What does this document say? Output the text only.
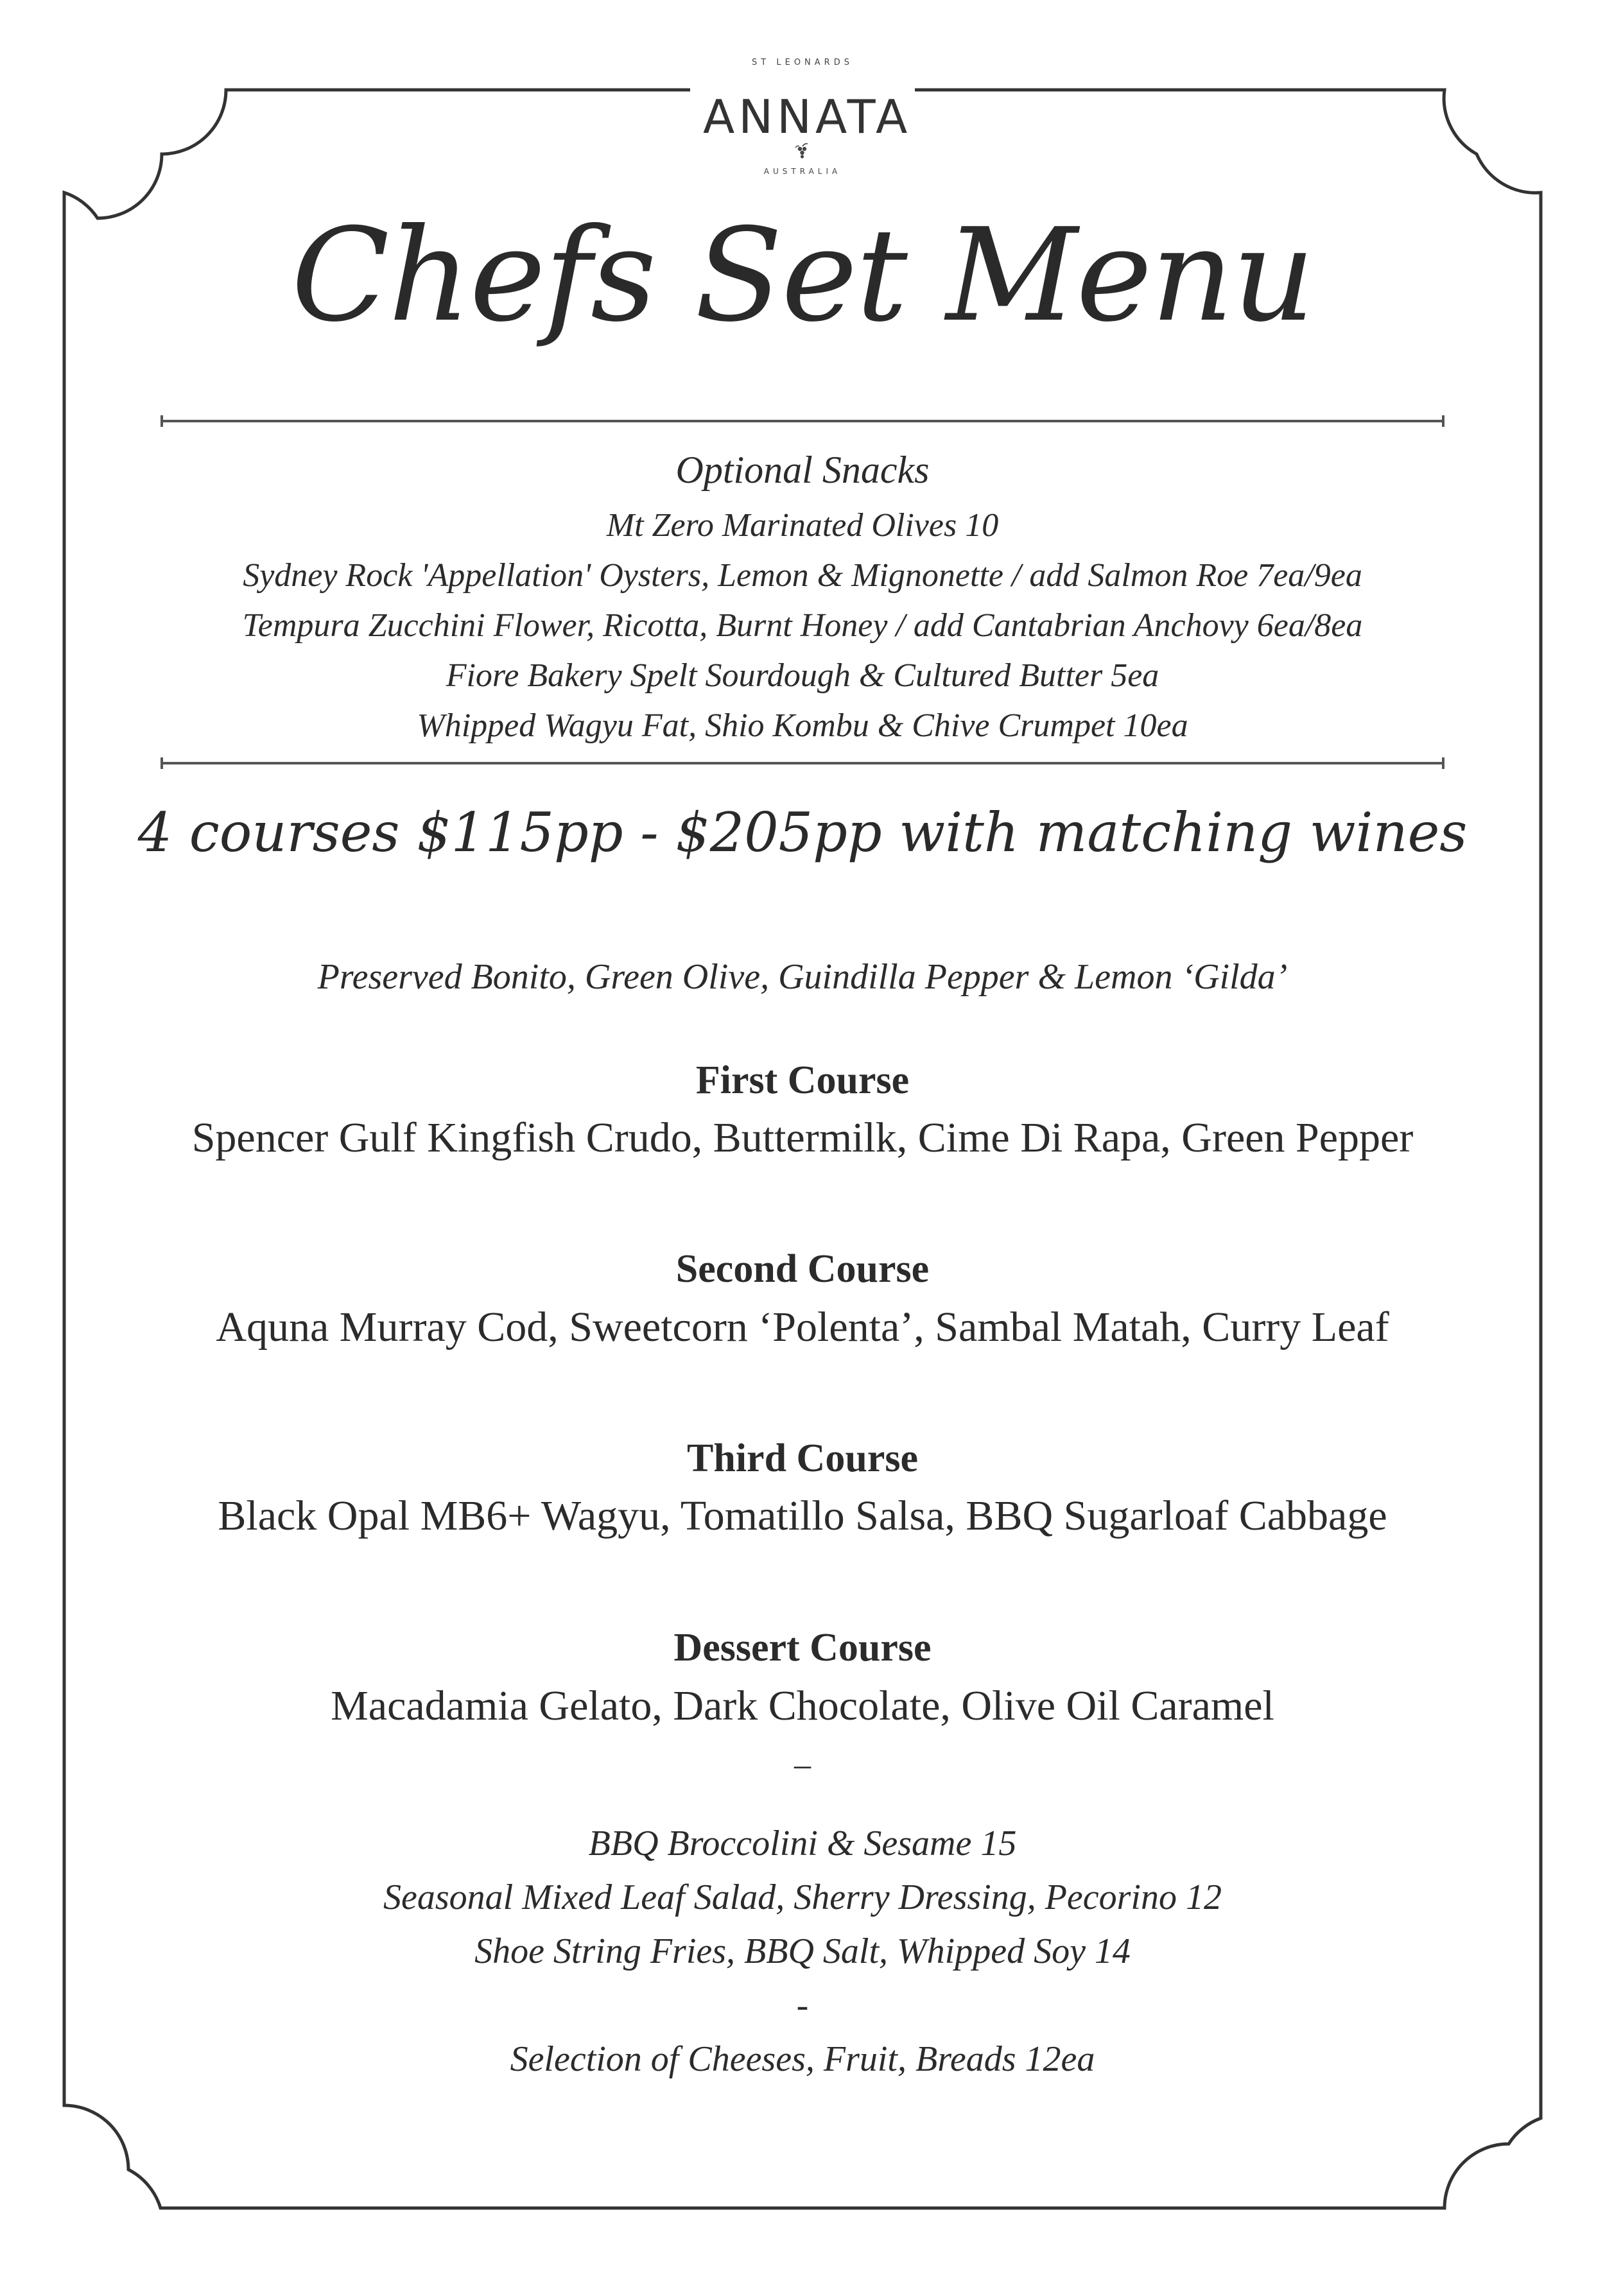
ST LEONARDS
ANNATA
AUSTRALIA
Chefs Set Menu
Optional Snacks
Mt Zero Marinated Olives 10
Sydney Rock 'Appellation' Oysters, Lemon & Mignonette / add Salmon Roe 7ea/9ea
Tempura Zucchini Flower, Ricotta, Burnt Honey / add Cantabrian Anchovy 6ea/8ea
Fiore Bakery Spelt Sourdough & Cultured Butter 5ea
Whipped Wagyu Fat, Shio Kombu & Chive Crumpet 10ea
4 courses $115pp - $205pp with matching wines
Preserved Bonito, Green Olive, Guindilla Pepper & Lemon ‘Gilda’
First Course
Spencer Gulf Kingfish Crudo, Buttermilk, Cime Di Rapa, Green Pepper
Second Course
Aquna Murray Cod, Sweetcorn ‘Polenta’, Sambal Matah, Curry Leaf
Third Course
Black Opal MB6+ Wagyu, Tomatillo Salsa, BBQ Sugarloaf Cabbage
Dessert Course
Macadamia Gelato, Dark Chocolate, Olive Oil Caramel
–
BBQ Broccolini & Sesame 15
Seasonal Mixed Leaf Salad, Sherry Dressing, Pecorino 12
Shoe String Fries, BBQ Salt, Whipped Soy 14
-
Selection of Cheeses, Fruit, Breads 12ea
